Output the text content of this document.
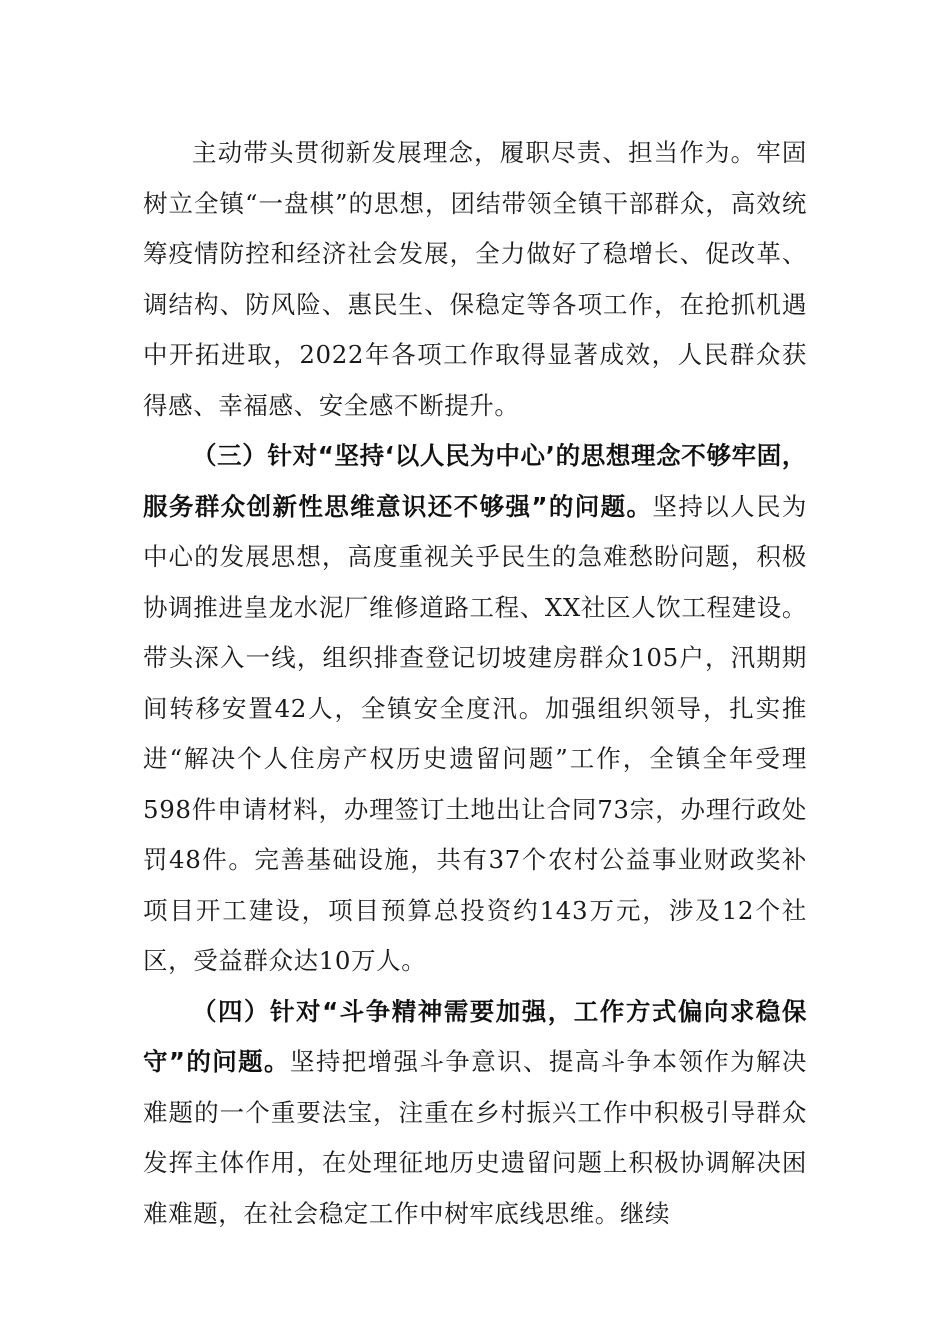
主动带头贯彻新发展理念，履职尽责、担当作为。牢固树立全镇“一盘棋”的思想，团结带领全镇干部群众，高效统筹疫情防控和经济社会发展，全力做好了稳增长、促改革、调结构、防风险、惠民生、保稳定等各项工作，在抢抓机遇中开拓进取，2022年各项工作取得显著成效，人民群众获得感、幸福感、安全感不断提升。

（三）针对“坚持‘以人民为中心’的思想理念不够牢固，服务群众创新性思维意识还不够强”的问题。坚持以人民为中心的发展思想，高度重视关乎民生的急难愁盼问题，积极协调推进皇龙水泥厂维修道路工程、XX社区人饮工程建设。带头深入一线，组织排查登记切坡建房群众105户，汛期期间转移安置42人，全镇安全度汛。加强组织领导，扎实推进“解决个人住房产权历史遗留问题”工作，全镇全年受理598件申请材料，办理签订土地出让合同73宗，办理行政处罚48件。完善基础设施，共有37个农村公益事业财政奖补项目开工建设，项目预算总投资约143万元，涉及12个社区，受益群众达10万人。

（四）针对“斗争精神需要加强，工作方式偏向求稳保守”的问题。坚持把增强斗争意识、提高斗争本领作为解决难题的一个重要法宝，注重在乡村振兴工作中积极引导群众发挥主体作用，在处理征地历史遗留问题上积极协调解决困难难题，在社会稳定工作中树牢底线思维。继续
